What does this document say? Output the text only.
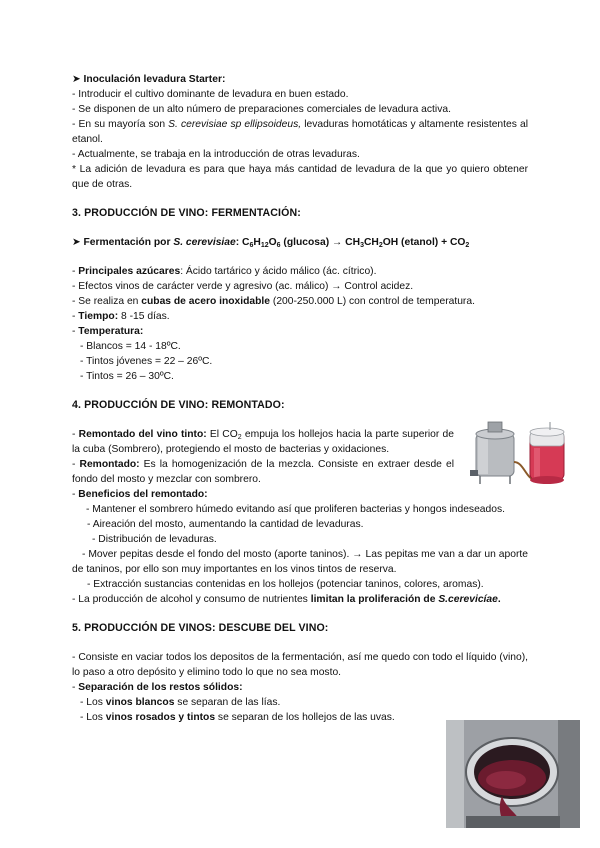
➤ Inoculación levadura Starter:

- Introducir el cultivo dominante de levadura en buen estado.

- Se disponen de un alto número de preparaciones comerciales de levadura activa.

- En su mayoría son S. cerevisiae sp ellipsoideus, levaduras homotáticas y altamente resistentes al etanol.

- Actualmente, se trabaja en la introducción de otras levaduras.

* La adición de levadura es para que haya más cantidad de levadura de la que yo quiero obtener que de otras.

3. PRODUCCIÓN DE VINO: FERMENTACIÓN:

➤ Fermentación por S. cerevisiae: $C_6H_{12}O_6$ $(glucosa) \to CH_3CH_2OH$ (etanol) + $CO_2$

- Principales azúcares: Ácido tartárico y ácido málico (ác. cítrico).

- Efectos vinos de carácter verde y agresivo (ac. málico) → Control acidez.

- Se realiza en cubas de acero inoxidable (200-250.000 L) con control de temperatura.

- Tiempo: 8 -15 días.

- Temperatura:

- Blancos = 14 - 18ºC.

- Tintos jóvenes = 22 – 26ºC.

- Tintos = 26 – 30ºC.

4. PRODUCCIÓN DE VINO: REMONTADO:

- Remontado del vino tinto: El $CO_2$ empuja los hollejos hacia la parte superior de la cuba (Sombrero), protegiendo el mosto de bacterias y oxidaciones.

- Remontado: Es la homogenización de la mezcla. Consiste en extraer desde el fondo del mosto y mezclar con sombrero.

- Beneficios del remontado:

- Mantener el sombrero húmedo evitando así que proliferen bacterias y hongos indeseados.

- Aireación del mosto, aumentando la cantidad de levaduras.

- Distribución de levaduras.

- Mover pepitas desde el fondo del mosto (aporte taninos). → Las pepitas me van a dar un aporte de taninos, por ello son muy importantes en los vinos tintos de reserva.

- Extracción sustancias contenidas en los hollejos (potenciar taninos, colores, aromas).

- La producción de alcohol y consumo de nutrientes limitan la proliferación de S.cerevicíae.

5. PRODUCCIÓN DE VINOS: DESCUBE DEL VINO:

- Consiste en vaciar todos los depositos de la fermentación, así me quedo con todo el líquido (vino), lo paso a otro depósito y elimino todo lo que no sea mosto.

- Separación de los restos sólidos:

- Los vinos blancos se separan de las lías.

- Los vinos rosados y tintos se separan de los hollejos de las uvas.
